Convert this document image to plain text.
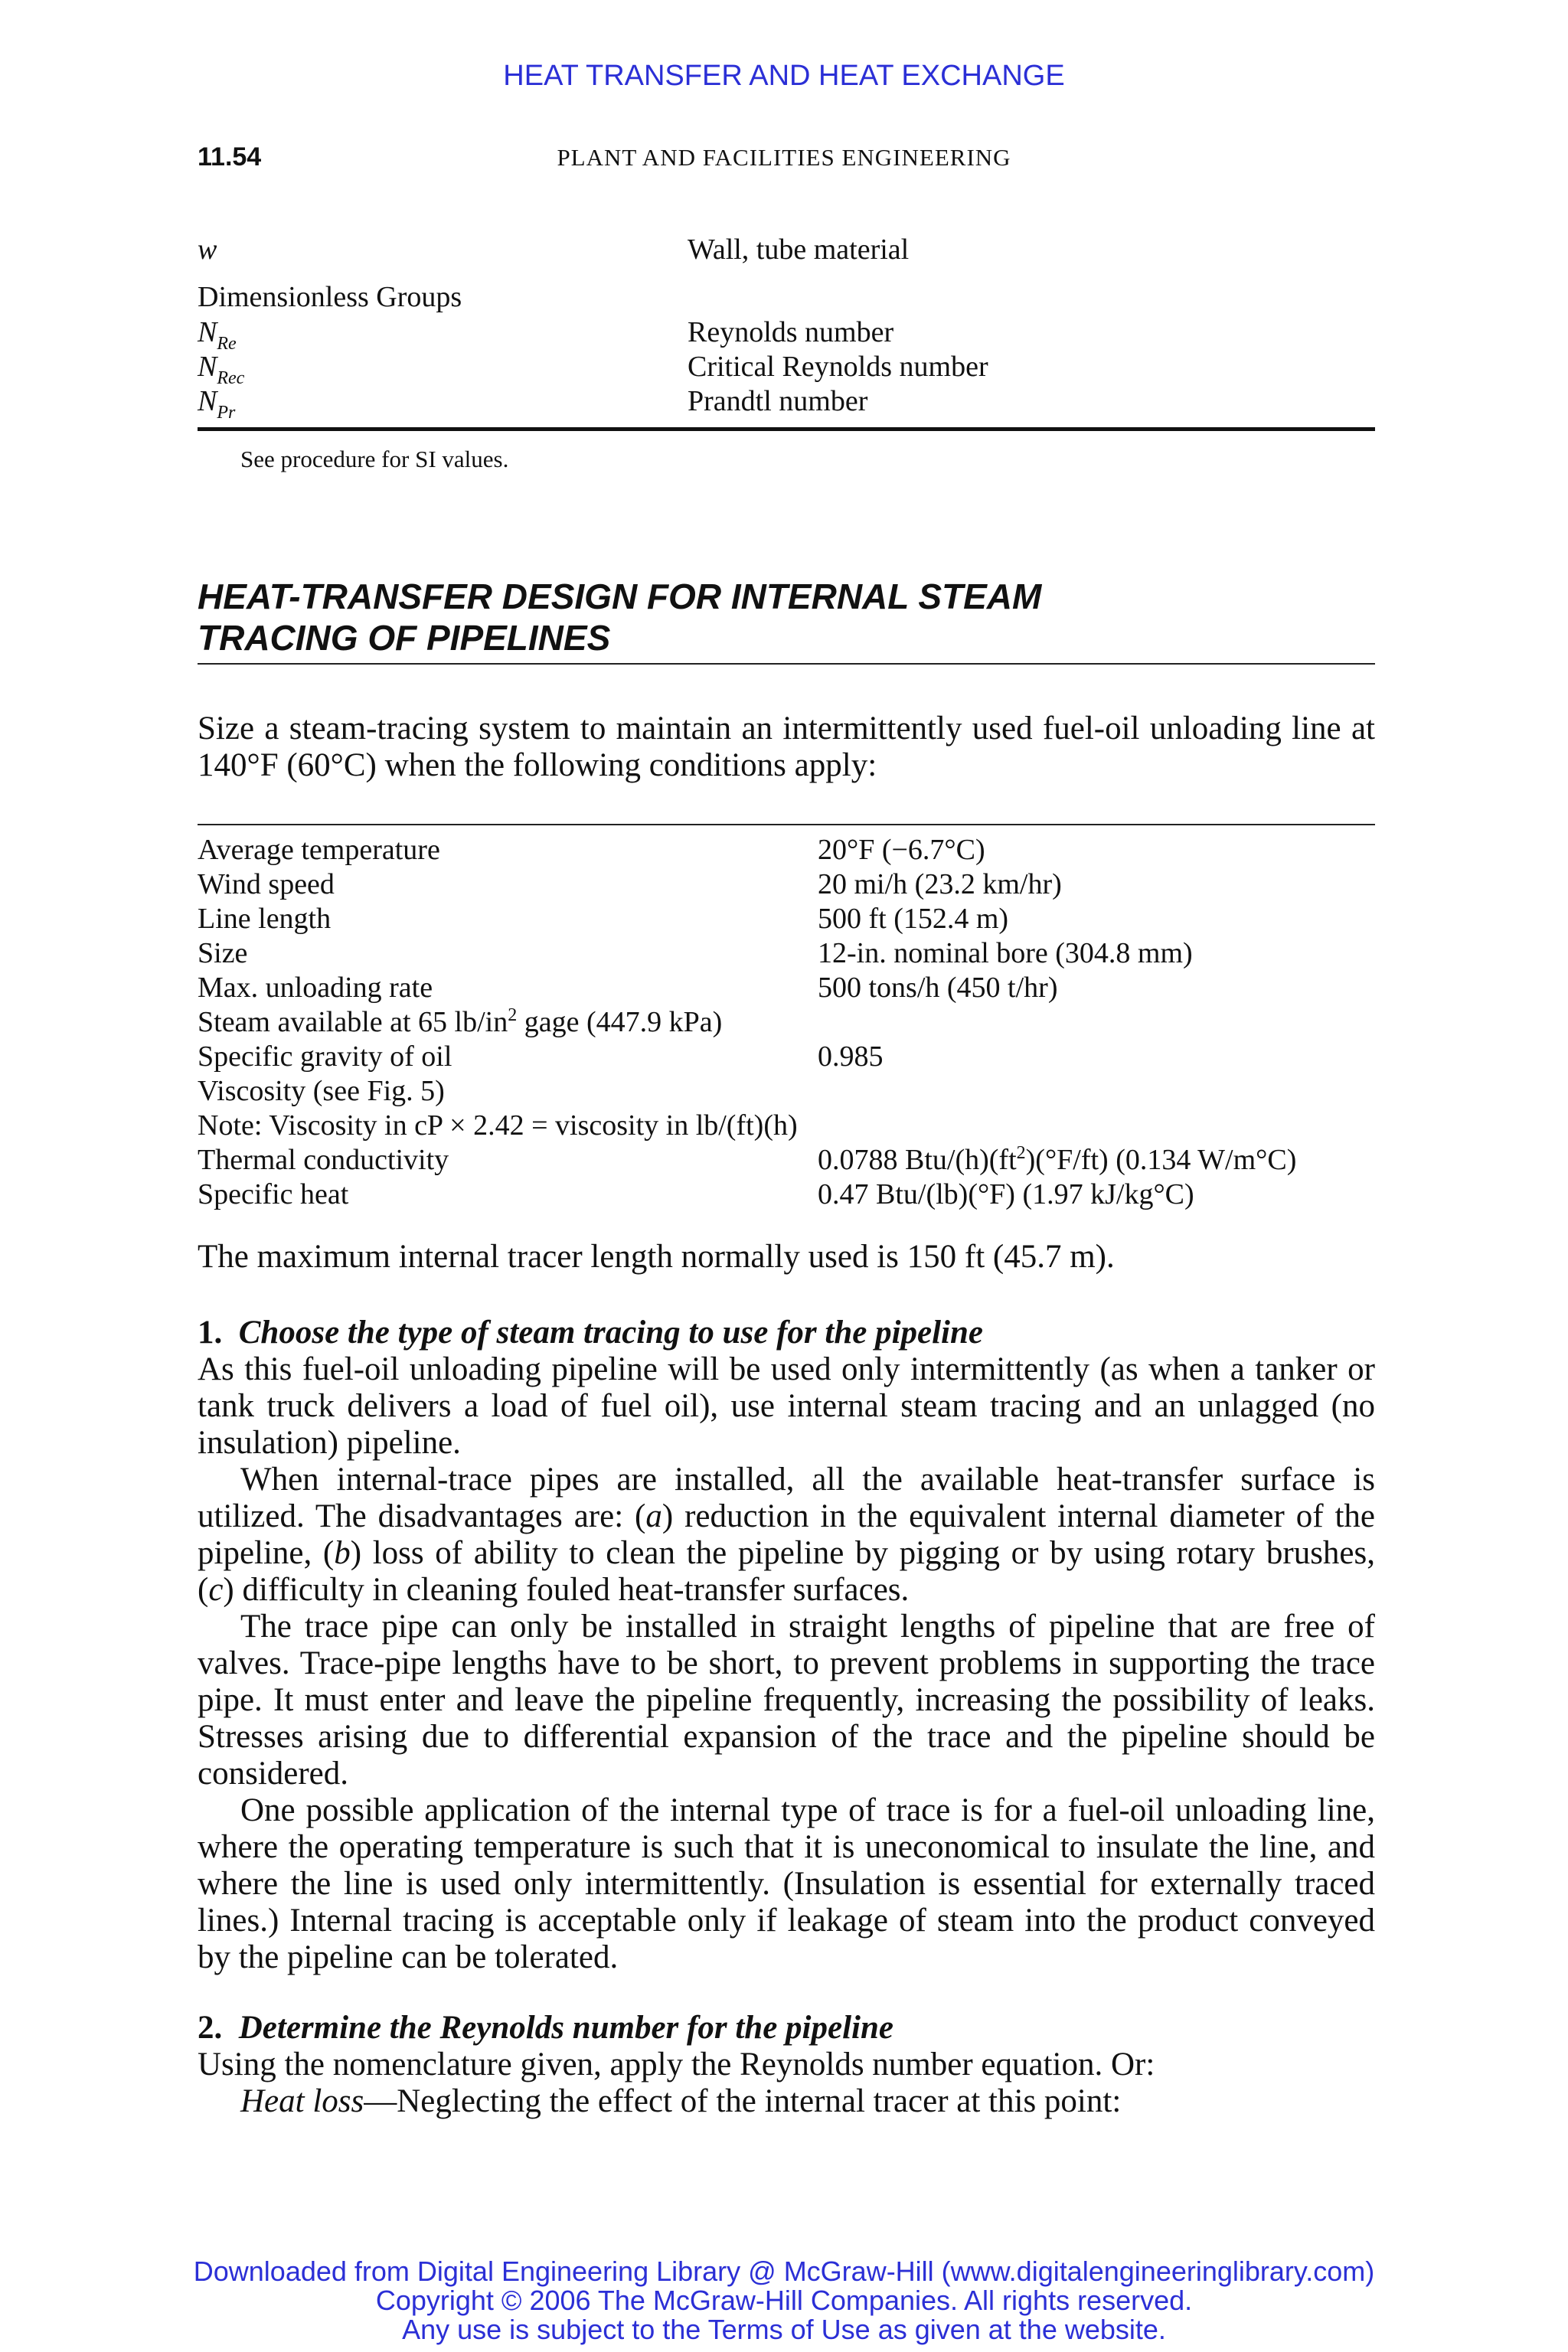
HEAT TRANSFER AND HEAT EXCHANGE
11.54	PLANT AND FACILITIES ENGINEERING
w	Wall, tube material
Dimensionless Groups
$N_{Re}$	Reynolds number
$N_{Rec}$	Critical Reynolds number
$N_{Pr}$	Prandtl number
See procedure for SI values.
HEAT-TRANSFER DESIGN FOR INTERNAL STEAM
TRACING OF PIPELINES

Size a steam-tracing system to maintain an intermittently used fuel-oil unloading line at 140°F (60°C) when the following conditions apply:

Average temperature	20°F (−6.7°C)
Wind speed	20 mi/h (23.2 km/hr)
Line length	500 ft (152.4 m)
Size	12-in. nominal bore (304.8 mm)
Max. unloading rate	500 tons/h (450 t/hr)
Steam available at 65 $lb/in^2$ gage (447.9 kPa)
Specific gravity of oil	0.985
Viscosity (see Fig. 5)
Note: Viscosity in cP × 2.42 = viscosity in lb/(ft)(h)
Thermal conductivity	0.0788 Btu/$(h)(ft^2)(^\circ F/ft)$ (0.134 W/m°C)
Specific heat	0.47 Btu/(lb)(°F) (1.97 kJ/kg°C)

The maximum internal tracer length normally used is 150 ft (45.7 m).

1. Choose the type of steam tracing to use for the pipeline

As this fuel-oil unloading pipeline will be used only intermittently (as when a tanker or tank truck delivers a load of fuel oil), use internal steam tracing and an unlagged (no insulation) pipeline.

When internal-trace pipes are installed, all the available heat-transfer surface is utilized. The disadvantages are: (a) reduction in the equivalent internal diameter of the pipeline, (b) loss of ability to clean the pipeline by pigging or by using rotary brushes, (c) difficulty in cleaning fouled heat-transfer surfaces.

The trace pipe can only be installed in straight lengths of pipeline that are free of valves. Trace-pipe lengths have to be short, to prevent problems in supporting the trace pipe. It must enter and leave the pipeline frequently, increasing the possibility of leaks. Stresses arising due to differential expansion of the trace and the pipeline should be considered.

One possible application of the internal type of trace is for a fuel-oil unloading line, where the operating temperature is such that it is uneconomical to insulate the line, and where the line is used only intermittently. (Insulation is essential for externally traced lines.) Internal tracing is acceptable only if leakage of steam into the product conveyed by the pipeline can be tolerated.

2. Determine the Reynolds number for the pipeline

Using the nomenclature given, apply the Reynolds number equation. Or:

Heat loss—Neglecting the effect of the internal tracer at this point:

Downloaded from Digital Engineering Library @ McGraw-Hill (www.digitalengineeringlibrary.com)
Copyright © 2006 The McGraw-Hill Companies. All rights reserved.
Any use is subject to the Terms of Use as given at the website.
